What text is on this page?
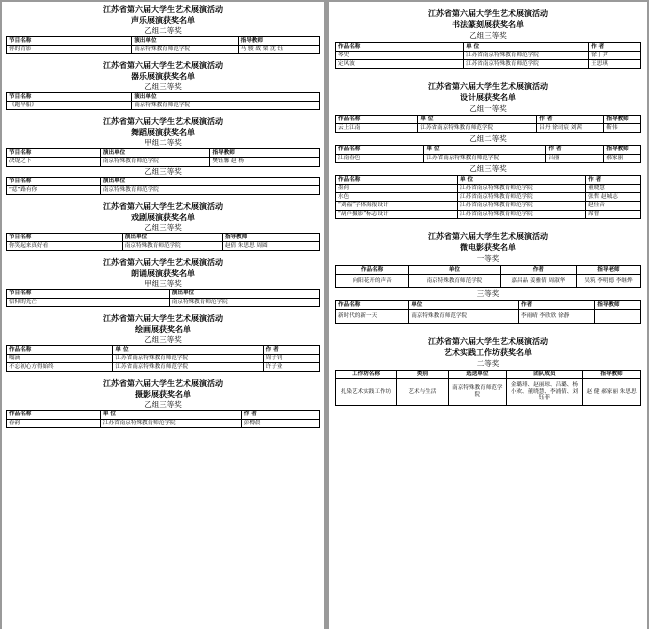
江苏省第六届大学生艺术展演活动
声乐展演获奖名单
乙组二等奖
节目名称	演出单位	指导教师
你的背影	南京特殊教育师范学院	马 骏 战 栗 沈 钰
江苏省第六届大学生艺术展演活动
器乐展演获奖名单
乙组三等奖
节目名称	演出单位
《跑旱船》	南京特殊教育师范学院
江苏省第六届大学生艺术展演活动
舞蹈展演获奖名单
甲组二等奖
节目名称	演出单位	指导教师
决堤之下	南京特殊教育师范学院	樊钰馨 赵 杨
乙组三等奖
节目名称	演出单位
“痣”路有你	南京特殊教育师范学院
江苏省第六届大学生艺术展演活动
戏剧展演获奖名单
乙组三等奖
节目名称	演出单位	指导教师
你笑起来真好看	南京特殊教育师范学院	赵倩 朱思思 周圆
江苏省第六届大学生艺术展演活动
朗诵展演获奖名单
甲组三等奖
节目名称	演出单位
信仰的光芒	南京特殊教育师范学院
江苏省第六届大学生艺术展演活动
绘画展获奖名单
乙组三等奖
作品名称	单 位	作 者
嗡滴	江苏省南京特殊教育师范学院	周子钊
不忘初心方得始终	江苏省南京特殊教育师范学院	许子业
江苏省第六届大学生艺术展演活动
摄影展获奖名单
乙组三等奖
作品名称	单 位	作 者
春韵	江苏省南京特殊教育师范学院	彭樽晨
江苏省第六届大学生艺术展演活动
书法篆刻展获奖名单
乙组三等奖
作品名称	单 位	作 者
琴史	江苏省南京特殊教育师范学院	徐丁尹
定风波	江苏省南京特殊教育师范学院	王思琪
江苏省第六届大学生艺术展演活动
设计展获奖名单
乙组一等奖
作品名称	单 位	作 者	指导教师
云上江南	江苏省南京特殊教育师范学院	吕丹 徐司宸 刘茜	靳伟
乙组二等奖
作品名称	单 位	作 者	指导教师
江南春色	江苏省南京特殊教育师范学院	吕丽	郝家丽
乙组三等奖
作品名称	单 位	作 者
墨荷	江苏省南京特殊教育师范学院	董晓慧
水色	江苏省南京特殊教育师范学院	张哲 赵城志
“刘福”字体海报设计	江苏省南京特殊教育师范学院	赵佳音
“葫芦摄影”标志设计	江苏省南京特殊教育师范学院	席智
江苏省第六届大学生艺术展演活动
微电影获奖名单
一等奖
作品名称	单位	作者	指导老师
向阳花开的声音	南京特殊教育师范学院	嘉昌晶 姜雅倩 周淑华	吴筑 李明德 李继烨
三等奖
作品名称	单位	作者	指导教师
新时代的新一天	南京特殊教育师范学院	李雨晴 李欣欣 徐静	
江苏省第六届大学生艺术展演活动
艺术实践工作坊获奖名单
二等奖
工作坊名称	类别	选送单位	团队成员	指导教师
扎染艺术实践工作坊	艺术与生活	南京特殊教育师范学院	金璐琲、赵丽琼、吕璐、杨小欢、董晓慧、李浦倩、刘钰菲	赵 健 郝家丽 朱思思
